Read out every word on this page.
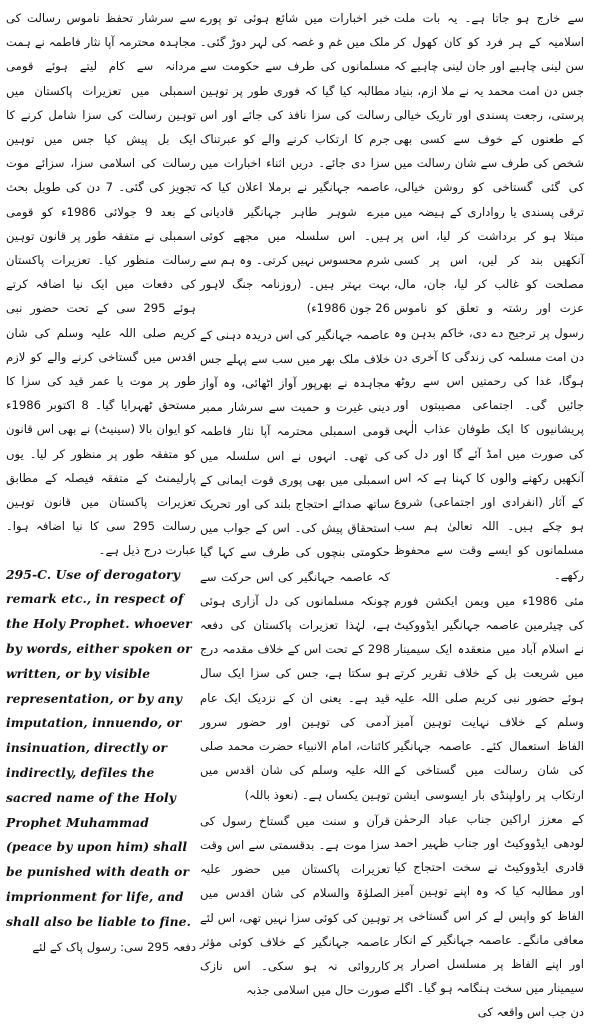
سے خارج ہو جاتا ہے۔ یہ بات ملت اسلامیہ کے ہر فرد کو کان کھول کر سن لینی چاہیے اور جان لینی چاہیے کہ جس دن امت محمد یہ نے ملا ازم، بنیاد پرستی، رجعت پسندی اور تاریک خیالی کے طعنوں کے خوف سے کسی بھی شخص کی طرف سے شان رسالت میں کی گئی گستاخی کو روشن خیالی، ترقی پسندی یا رواداری کے ہیضہ میں مبتلا ہو کر برداشت کر لیا، اس پر آنکھیں بند کر لیں، اس پر کسی مصلحت کو غالب کر لیا، جان، مال، عزت اور رشتہ و تعلق کو ناموس رسول پر ترجیح دے دی، خاکم بدہن وہ دن امت مسلمہ کی زندگی کا آخری دن ہوگا، غدا کی رحمتیں اس سے روٹھ جائیں گی۔ اجتماعی مصیبتوں اور پریشانیوں کا ایک طوفان عذاب الٰہی کی صورت میں امڈ آئے گا اور دل کی آنکھیں رکھنے والوں کا کہنا ہے کہ اس کے آثار (انفرادی اور اجتماعی) شروع ہو چکے ہیں۔ اللہ تعالیٰ ہم سب مسلمانوں کو ایسے وقت سے محفوظ رکھے۔

مئی 1986ء میں ویمن ایکشن فورم کی چیئرمین عاصمہ جہانگیر ایڈووکیٹ نے اسلام آباد میں منعقدہ ایک سیمینار میں شریعت بل کے خلاف تقریر کرتے ہوئے حضور نبی کریم صلی اللہ علیہ وسلم کے خلاف نہایت توہین آمیز الفاظ استعمال کئے۔ عاصمہ جہانگیر کی شان رسالت میں گستاخی کے ارتکاب پر راولپنڈی بار ایسوسی ایشن کے معزز اراکین جناب عباد الرحمٰن لودھی ایڈووکیٹ اور جناب ظہیر احمد قادری ایڈووکیٹ نے سخت احتجاج کیا اور مطالبہ کیا کہ وہ اپنے توہین آمیز الفاظ کو واپس لے کر اس گستاخی پر معافی مانگے۔ عاصمہ جہانگیر کے انکار اور اپنے الفاظ پر مسلسل اصرار پر سیمینار میں سخت ہنگامہ ہو گیا۔ اگلے دن جب اس واقعہ کی

خبر اخبارات میں شائع ہوئی تو پورے ملک میں غم و غصہ کی لہر دوڑ گئی۔ مسلمانوں کی طرف سے حکومت سے مطالبہ کیا گیا کہ فوری طور پر توہین رسالت کی سزا نافذ کی جائے اور اس جرم کا ارتکاب کرنے والے کو عبرتناک سزا دی جائے۔ دریں اثناء اخبارات میں عاصمہ جہانگیر نے برملا اعلان کیا کہ میرے شوہر طاہر جہانگیر قادیانی ہیں۔ اس سلسلہ میں مجھے کوئی شرم محسوس نہیں کرتی۔ وہ ہم سے بہت بہتر ہیں۔ (روزنامہ جنگ لاہور 26 جون 1986ء)

عاصمہ جہانگیر کی اس دریدہ دہنی کے خلاف ملک بھر میں سب سے پہلے جس مجاہدہ نے بھرپور آواز اٹھائی، وہ آواز دینی غیرت و حمیت سے سرشار ممبر قومی اسمبلی محترمہ آپا نثار فاطمہ کی تھی۔ انہوں نے اس سلسلہ میں اسمبلی میں بھی پوری قوت ایمانی کے ساتھ صدائے احتجاج بلند کی اور تحریک استحقاق پیش کی۔ اس کے جواب میں حکومتی بنچوں کی طرف سے کہا گیا کہ عاصمہ جہانگیر کی اس حرکت سے چونکہ مسلمانوں کی دل آزاری ہوئی ہے، لہٰذا تعزیرات پاکستان کی دفعہ 298 کے تحت اس کے خلاف مقدمہ درج ہو سکتا ہے، جس کی سزا ایک سال قید ہے۔ یعنی ان کے نزدیک ایک عام آدمی کی توہین اور حضور سرور کائنات، امام الانبیاء حضرت محمد صلی اللہ علیہ وسلم کی شان اقدس میں توہین یکساں ہے۔ (نعوذ باللہ)

قرآن و سنت میں گستاخ رسول کی سزا موت ہے۔ بدقسمتی سے اس وقت تعزیرات پاکستان میں حضور علیہ الصلوٰۃ والسلام کی شان اقدس میں توہین کی کوئی سزا نہیں تھی، اس لئے عاصمہ جہانگیر کے خلاف کوئی مؤثر کارروائی نہ ہو سکی۔ اس نازک صورت حال میں اسلامی جذبہ

سے سرشار تحفظ ناموس رسالت کی مجاہدہ محترمہ آپا نثار فاطمہ نے ہمت مردانہ سے کام لیتے ہوئے قومی اسمبلی میں تعزیرات پاکستان میں توہین رسالت کی سزا شامل کرنے کا ایک بل پیش کیا جس میں توہین رسالت کی اسلامی سزا، سزائے موت تجویز کی گئی۔ 7 دن کی طویل بحث کے بعد 9 جولائی 1986ء کو قومی اسمبلی نے متفقہ طور پر قانون توہین رسالت منظور کیا۔ تعزیرات پاکستان کی دفعات میں ایک نیا اضافہ کرتے ہوئے 295 سی کے تحت حضور نبی کریم صلی اللہ علیہ وسلم کی شان اقدس میں گستاخی کرنے والے کو لازم طور پر موت یا عمر قید کی سزا کا مستحق ٹھہرایا گیا۔ 8 اکتوبر 1986ء کو ایوان بالا (سینیٹ) نے بھی اس قانون کو متفقہ طور پر منظور کر لیا۔ یوں پارلیمنٹ کے متفقہ فیصلہ کے مطابق تعزیرات پاکستان میں قانون توہین رسالت 295 سی کا نیا اضافہ ہوا۔ عبارت درج ذیل ہے۔

295-C. Use of derogatory remark etc., in respect of the Holy Prophet. whoever by words, either spoken or written, or by visible representation, or by any imputation, innuendo, or insinuation, directly or indirectly, defiles the sacred name of the Holy Prophet Muhammad (peace by upon him) shall be punished with death or imprionment for life, and shall also be liable to fine.

دفعہ 295 سی: رسول پاک کے لئے
